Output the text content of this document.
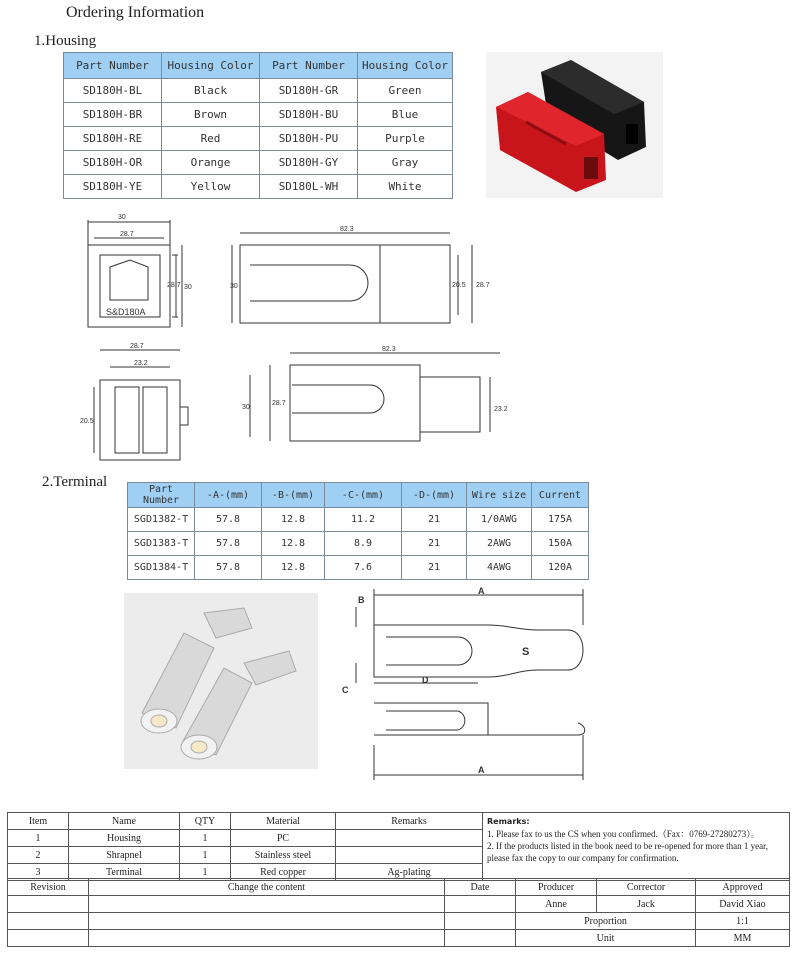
Ordering Information
1.Housing
Part Number	Housing Color	Part Number	Housing Color
SD180H-BL	Black	SD180H-GR	Green
SD180H-BR	Brown	SD180H-BU	Blue
SD180H-RE	Red	SD180H-PU	Purple
SD180H-OR	Orange	SD180H-GY	Gray
SD180H-YE	Yellow	SD180L-WH	White
30
28.7
28.7 30
S&D180A
82.3
30	20.5 28.7
28.7
23.2
20.5
82.3
30
28.7
23.2
2.Terminal	Part Number	-A-(mm)	-B-(mm)	-C-(mm)	-D-(mm)	Wire size	Current
SGD1382-T	57.8	12.8	11.2	21	1/0AWG	175A
SGD1383-T	57.8	12.8	8.9	21	2AWG	150A
SGD1384-T	57.8	12.8	7.6	21	4AWG	120A
A
B
C
D
S
A
Item	Name	QTY	Material	Remarks	Remarks:
1. Please fax to us the CS when you confirmed.（Fax：0769-27280273）。
2. If the products listed in the book need to be re-opened for more than 1 year, please fax the copy to our company for confirmation.

1	Housing	1	PC		
2	Shrapnel	1	Stainless steel		
3	Terminal	1	Red copper	Ag-plating	
Revision	Change the content	Date	Producer	Corrector	Approved
			Anne	Jack	David Xiao
			Proportion		1:1
			Unit		MM
